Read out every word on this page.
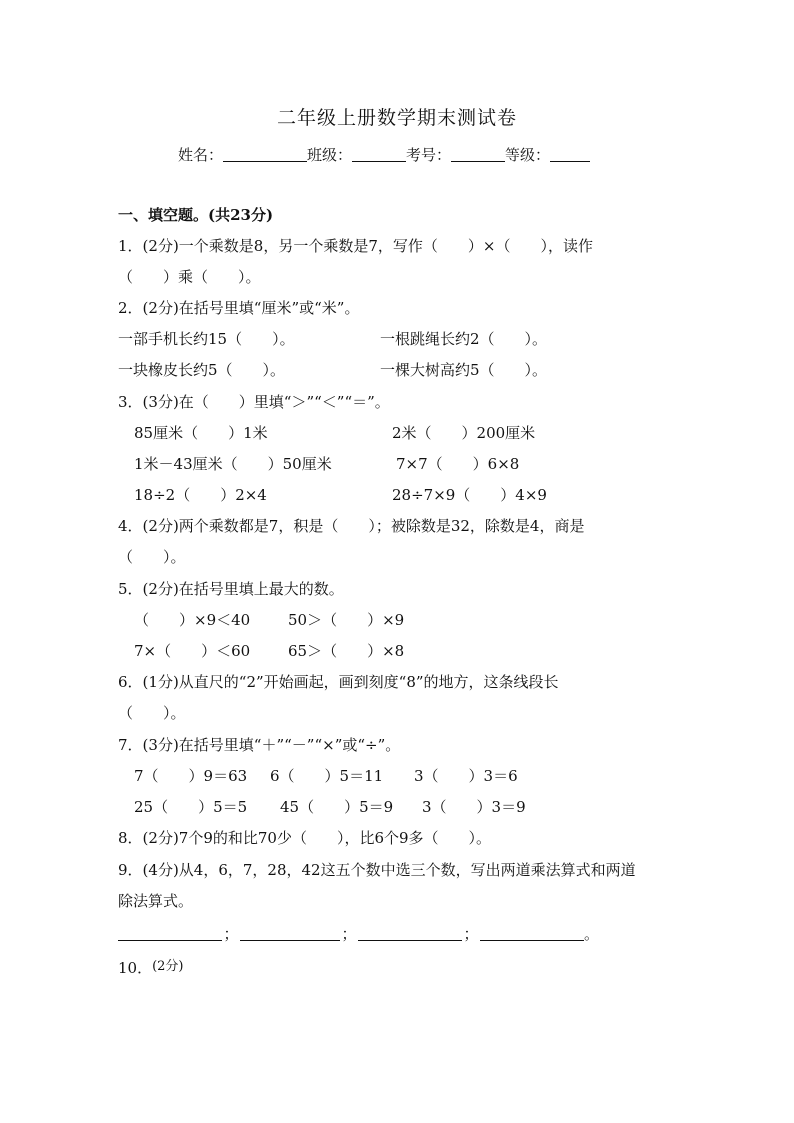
二年级上册数学期末测试卷
姓名：	班级：	考号：	等级：
一、填空题。(共23分)
1．(2分)一个乘数是8，另一个乘数是7，写作（　　）×（　　），读作
（　　）乘（　　）。
2．(2分)在括号里填“厘米”或“米”。
一部手机长约15（　　）。	一根跳绳长约2（　　）。
一块橡皮长约5（　　）。	一棵大树高约5（　　）。
3．(3分)在（　　）里填“＞”“＜”“＝”。
85厘米（　　）1米	2米（　　）200厘米
1米－43厘米（　　）50厘米	7×7（　　）6×8
18÷2（　　）2×4	28÷7×9（　　）4×9
4．(2分)两个乘数都是7，积是（　　）；被除数是32，除数是4，商是
（　　）。
5．(2分)在括号里填上最大的数。
（　　）×9＜40	50＞（　　）×9
7×（　　）＜60	65＞（　　）×8
6．(1分)从直尺的“2”开始画起，画到刻度“8”的地方，这条线段长
（　　）。
7．(3分)在括号里填“＋”“－”“×”或“÷”。
7（　　）9＝63 6（　　）5＝11 3（　　）3＝6
25（　　）5＝5 45（　　）5＝9 3（　　）3＝9
8．(2分)7个9的和比70少（　　），比6个9多（　　）。
9．(4分)从4，6，7，28，42这五个数中选三个数，写出两道乘法算式和两道
除法算式。
；	；	；	。
10．(2分)
